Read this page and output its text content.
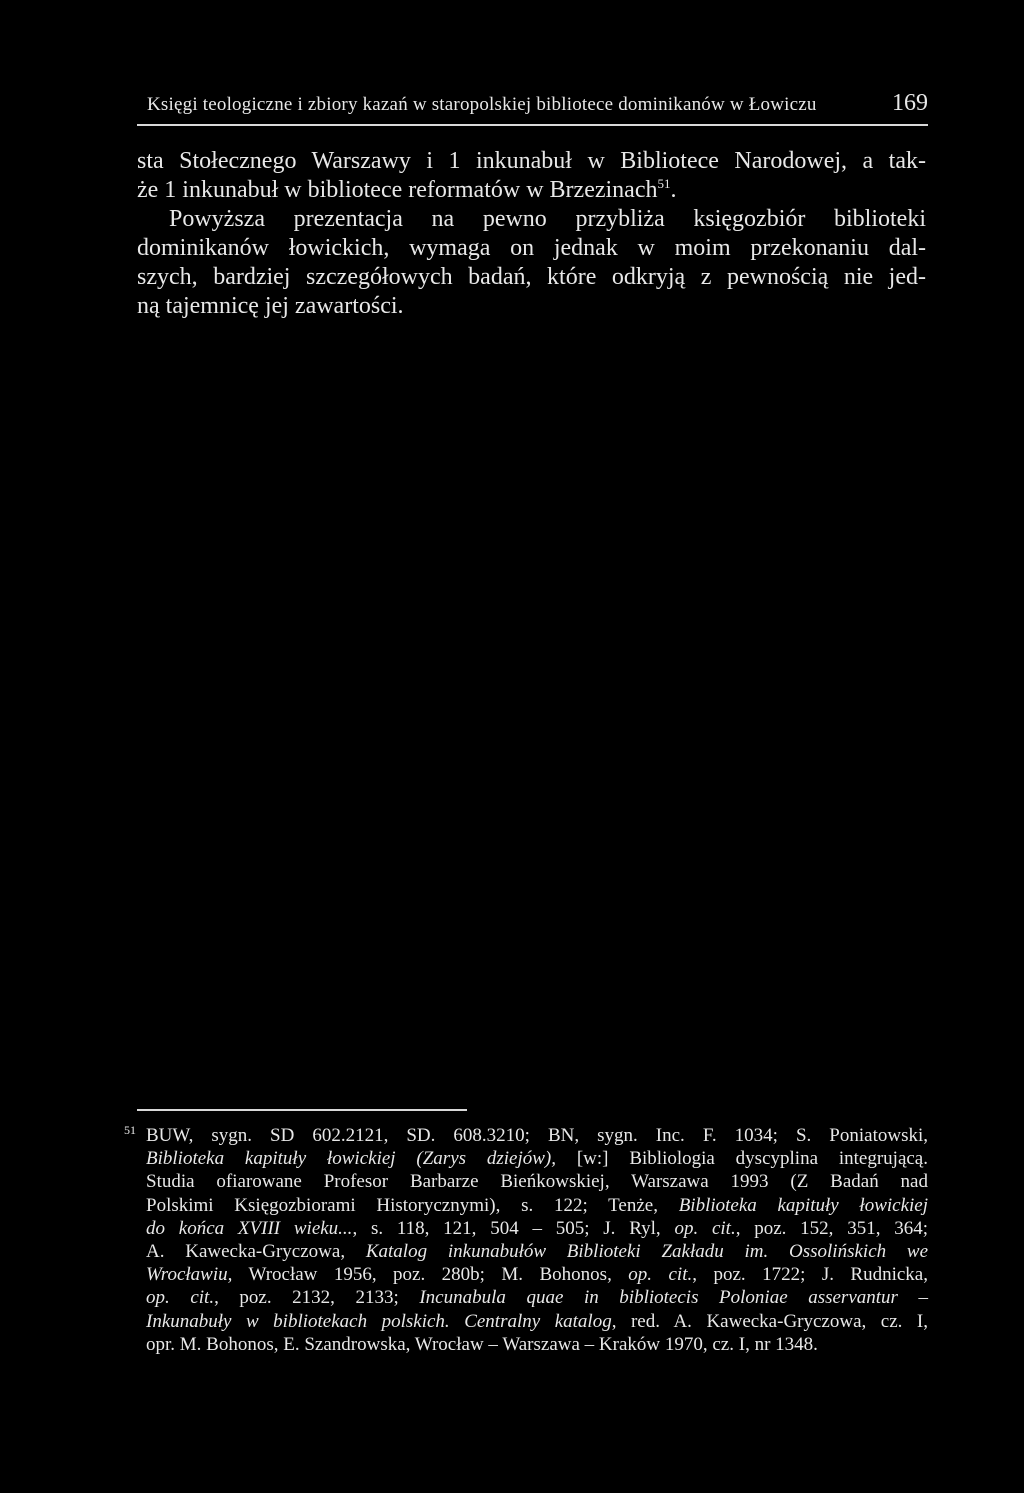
Księgi teologiczne i zbiory kazań w staropolskiej bibliotece dominikanów w Łowiczu	169
sta Stołecznego Warszawy i 1 inkunabuł w Bibliotece Narodowej, a tak-
że 1 inkunabuł w bibliotece reformatów w Brzezinach$^{51}$.
Powyższa prezentacja na pewno przybliża księgozbiór biblioteki
dominikanów łowickich, wymaga on jednak w moim przekonaniu dal-
szych, bardziej szczegółowych badań, które odkryją z pewnością nie jed-
ną tajemnicę jej zawartości.
$^{51}$ BUW, sygn. SD 602.2121, SD. 608.3210; BN, sygn. Inc. F. 1034; S. Poniatowski,
Biblioteka kapituły łowickiej (Zarys dziejów), [w:] Bibliologia dyscyplina integrującą.
Studia ofiarowane Profesor Barbarze Bieńkowskiej, Warszawa 1993 (Z Badań nad
Polskimi Księgozbiorami Historycznymi), s. 122; Tenże, Biblioteka kapituły łowickiej
do końca XVIII wieku..., s. 118, 121, 504 – 505; J. Ryl, op. cit., poz. 152, 351, 364;
A. Kawecka-Gryczowa, Katalog inkunabułów Biblioteki Zakładu im. Ossolińskich we
Wrocławiu, Wrocław 1956, poz. 280b; M. Bohonos, op. cit., poz. 1722; J. Rudnicka,
op. cit., poz. 2132, 2133; Incunabula quae in bibliotecis Poloniae asservantur –
Inkunabuły w bibliotekach polskich. Centralny katalog, red. A. Kawecka-Gryczowa, cz. I,
opr. M. Bohonos, E. Szandrowska, Wrocław – Warszawa – Kraków 1970, cz. I, nr 1348.
